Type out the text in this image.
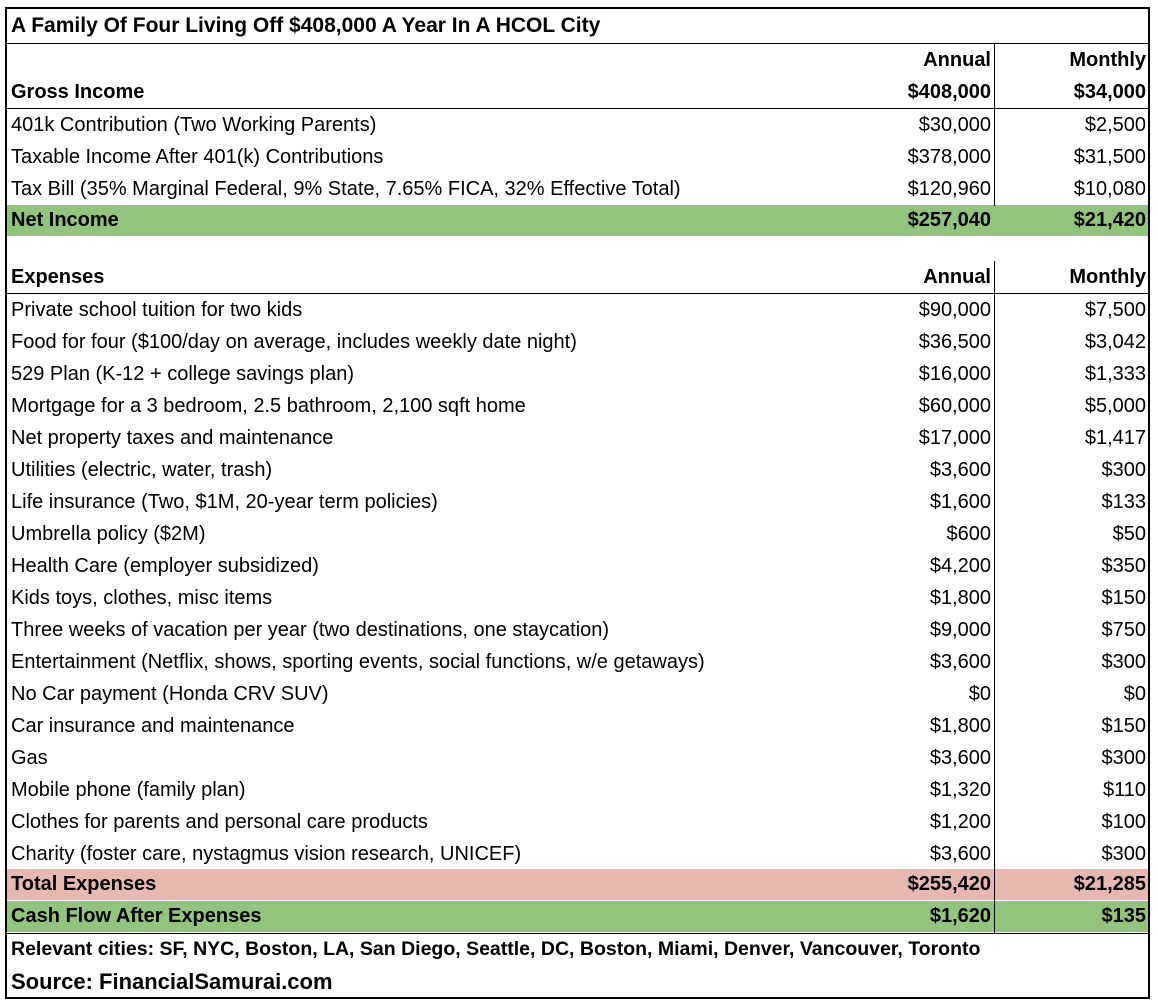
A Family Of Four Living Off $408,000 A Year In A HCOL City
Annual	Monthly
Gross Income	$408,000	$34,000
401k Contribution (Two Working Parents)	$30,000	$2,500
Taxable Income After 401(k) Contributions	$378,000	$31,500
Tax Bill (35% Marginal Federal, 9% State, 7.65% FICA, 32% Effective Total)	$120,960	$10,080
Net Income	$257,040	$21,420
Expenses	Annual	Monthly
Private school tuition for two kids	$90,000	$7,500
Food for four ($100/day on average, includes weekly date night)	$36,500	$3,042
529 Plan (K-12 + college savings plan)	$16,000	$1,333
Mortgage for a 3 bedroom, 2.5 bathroom, 2,100 sqft home	$60,000	$5,000
Net property taxes and maintenance	$17,000	$1,417
Utilities (electric, water, trash)	$3,600	$300
Life insurance (Two, $1M, 20-year term policies)	$1,600	$133
Umbrella policy ($2M)	$600	$50
Health Care (employer subsidized)	$4,200	$350
Kids toys, clothes, misc items	$1,800	$150
Three weeks of vacation per year (two destinations, one staycation)	$9,000	$750
Entertainment (Netflix, shows, sporting events, social functions, w/e getaways)	$3,600	$300
No Car payment (Honda CRV SUV)	$0	$0
Car insurance and maintenance	$1,800	$150
Gas	$3,600	$300
Mobile phone (family plan)	$1,320	$110
Clothes for parents and personal care products	$1,200	$100
Charity (foster care, nystagmus vision research, UNICEF)	$3,600	$300
Total Expenses	$255,420	$21,285
Cash Flow After Expenses	$1,620	$135
Relevant cities: SF, NYC, Boston, LA, San Diego, Seattle, DC, Boston, Miami, Denver, Vancouver, Toronto
Source: FinancialSamurai.com
